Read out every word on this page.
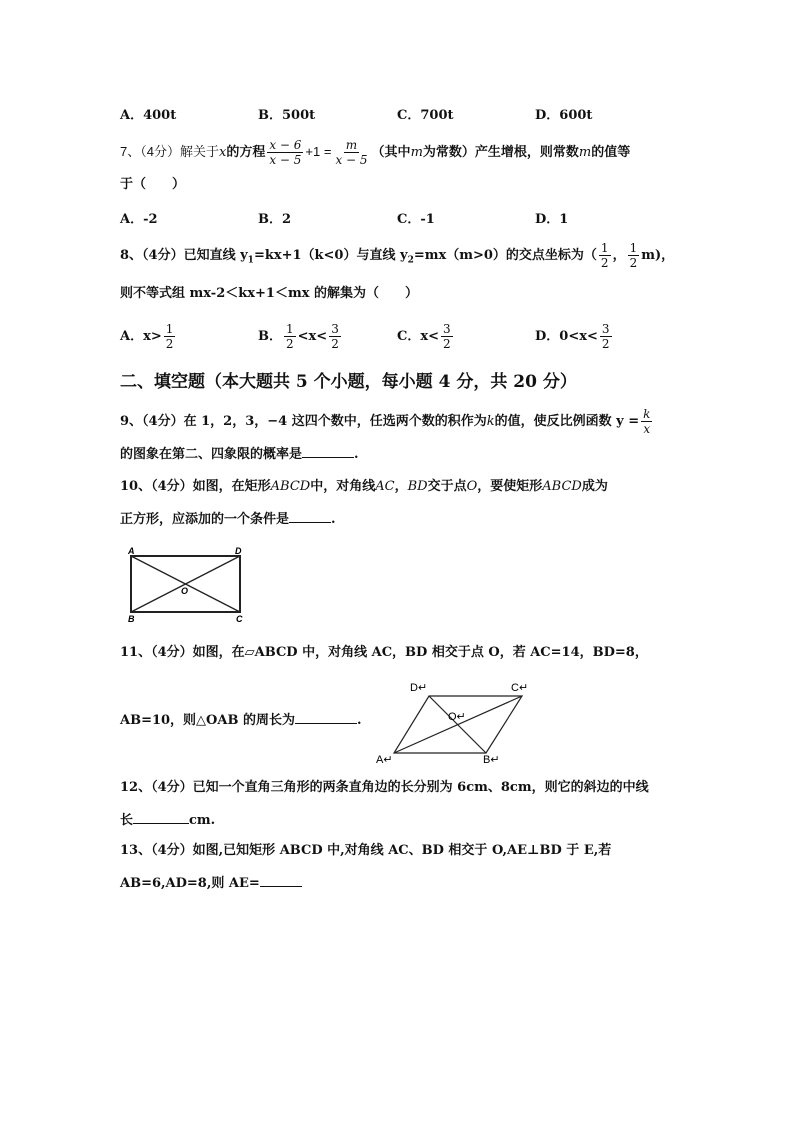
A．400t	B．500t	C．700t	D．600t
7、（4分）解关于x的方程 $\frac{x - 6}{x - 5} +1 = \frac{m}{x - 5}$ （其中m为常数）产生增根，则常数m的值等
于（　　）
A．-2	B．2	C．-1	D．1
8、（4分）已知直线 $y_1=kx+1(k<0)$与直线 $y_2=mx(m>0)$的交点坐标为（ $\frac{1}{2}$ ， $\frac{1}{2} m$)，
则不等式组 mx-2＜kx+1＜mx 的解集为（　　）
A．$x> \frac{1}{2}$	B． $\frac{1}{2} <x< \frac{3}{2}$	C．$x< \frac{3}{2}$	D．$0<x< \frac{3}{2}$
二、填空题（本大题共 5 个小题，每小题 4 分，共 20 分）
9、（4分）在 1，2，3，−4 这四个数中，任选两个数的积作为k的值，使反比例函数 $y = \frac{k}{x}$
的图象在第二、四象限的概率是	.
10、（4分）如图，在矩形ABCD中，对角线AC，BD交于点O，要使矩形ABCD成为
正方形，应添加的一个条件是	.
A	D
B	C
O
11、（4分）如图，在▱ABCD 中，对角线 AC，BD 相交于点 O，若 AC=14，BD=8，
AB=10，则△OAB 的周长为	.
D↵	C↵
O↵
A↵	B↵
12、（4分）已知一个直角三角形的两条直角边的长分别为 6cm、8cm，则它的斜边的中线
长	cm.
13、（4分）如图,已知矩形 ABCD 中,对角线 AC、BD 相交于 O,AE⊥BD 于 E,若
AB=6,AD=8,则 AE=
